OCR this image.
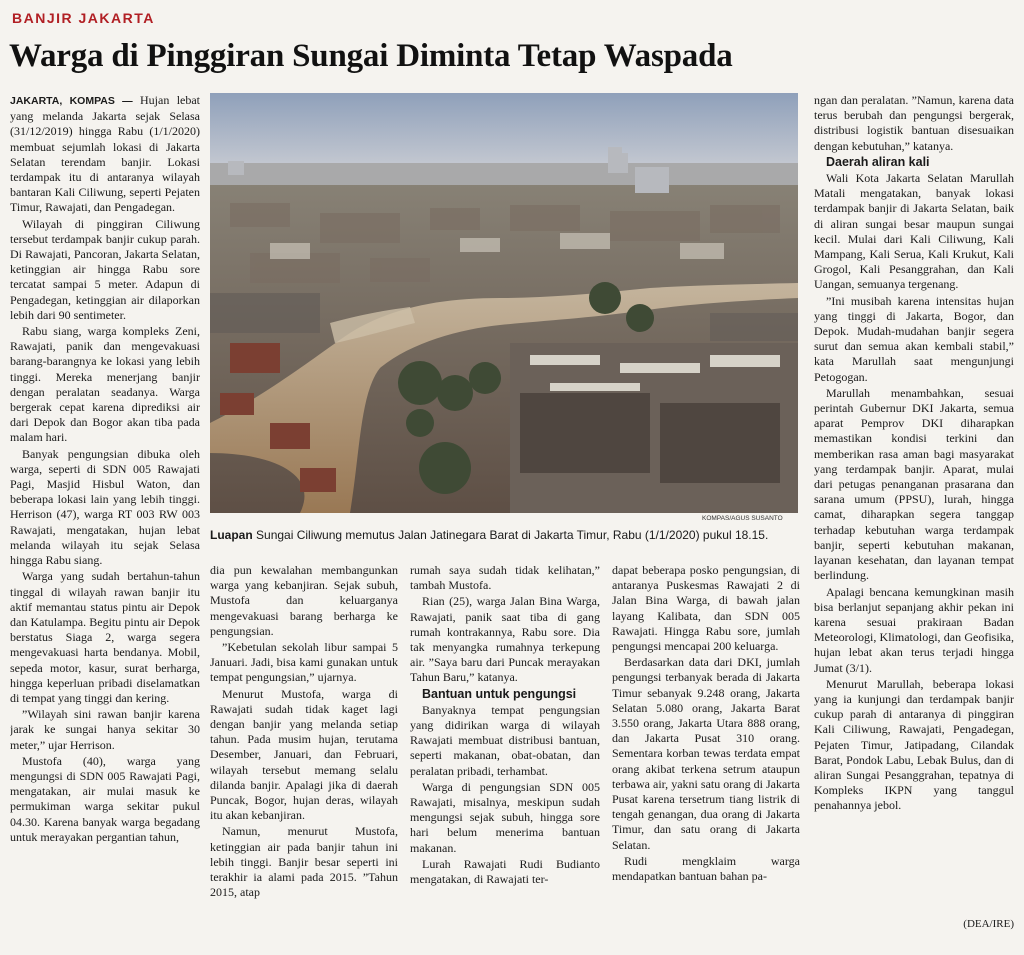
BANJIR JAKARTA
Warga di Pinggiran Sungai Diminta Tetap Waspada

JAKARTA, KOMPAS — Hujan lebat yang melanda Jakarta sejak Selasa (31/12/2019) hingga Rabu (1/1/2020) membuat sejumlah lokasi di Jakarta Selatan terendam banjir. Lokasi terdampak itu di antaranya wilayah bantaran Kali Ciliwung, seperti Pejaten Timur, Rawajati, dan Pengadegan.

Wilayah di pinggiran Ciliwung tersebut terdampak banjir cukup parah. Di Rawajati, Pancoran, Jakarta Selatan, ketinggian air hingga Rabu sore tercatat sampai 5 meter. Adapun di Pengadegan, ketinggian air dilaporkan lebih dari 90 sentimeter.

Rabu siang, warga kompleks Zeni, Rawajati, panik dan mengevakuasi barang-barangnya ke lokasi yang lebih tinggi. Mereka menerjang banjir dengan peralatan seadanya. Warga bergerak cepat karena diprediksi air dari Depok dan Bogor akan tiba pada malam hari.

Banyak pengungsian dibuka oleh warga, seperti di SDN 005 Rawajati Pagi, Masjid Hisbul Waton, dan beberapa lokasi lain yang lebih tinggi. Herrison (47), warga RT 003 RW 003 Rawajati, mengatakan, hujan lebat melanda wilayah itu sejak Selasa hingga Rabu siang.

Warga yang sudah bertahun-tahun tinggal di wilayah rawan banjir itu aktif memantau status pintu air Depok dan Katulampa. Begitu pintu air Depok berstatus Siaga 2, warga segera mengevakuasi harta bendanya. Mobil, sepeda motor, kasur, surat berharga, hingga keperluan pribadi diselamatkan di tempat yang tinggi dan kering.

”Wilayah sini rawan banjir karena jarak ke sungai hanya sekitar 30 meter,” ujar Herrison.

Mustofa (40), warga yang mengungsi di SDN 005 Rawajati Pagi, mengatakan, air mulai masuk ke permukiman warga sekitar pukul 04.30. Karena banyak warga begadang untuk merayakan pergantian tahun,

KOMPAS/AGUS SUSANTO
Luapan Sungai Ciliwung memutus Jalan Jatinegara Barat di Jakarta Timur, Rabu (1/1/2020) pukul 18.15.

dia pun kewalahan membangunkan warga yang kebanjiran. Sejak subuh, Mustofa dan keluarganya mengevakuasi barang berharga ke pengungsian.

”Kebetulan sekolah libur sampai 5 Januari. Jadi, bisa kami gunakan untuk tempat pengungsian,” ujarnya.

Menurut Mustofa, warga di Rawajati sudah tidak kaget lagi dengan banjir yang melanda setiap tahun. Pada musim hujan, terutama Desember, Januari, dan Februari, wilayah tersebut memang selalu dilanda banjir. Apalagi jika di daerah Puncak, Bogor, hujan deras, wilayah itu akan kebanjiran.

Namun, menurut Mustofa, ketinggian air pada banjir tahun ini lebih tinggi. Banjir besar seperti ini terakhir ia alami pada 2015. ”Tahun 2015, atap

rumah saya sudah tidak kelihatan,” tambah Mustofa.

Rian (25), warga Jalan Bina Warga, Rawajati, panik saat tiba di gang rumah kontrakannya, Rabu sore. Dia tak menyangka rumahnya terkepung air. ”Saya baru dari Puncak merayakan Tahun Baru,” katanya.

Bantuan untuk pengungsi

Banyaknya tempat pengungsian yang didirikan warga di wilayah Rawajati membuat distribusi bantuan, seperti makanan, obat-obatan, dan peralatan pribadi, terhambat.

Warga di pengungsian SDN 005 Rawajati, misalnya, meskipun sudah mengungsi sejak subuh, hingga sore hari belum menerima bantuan makanan.

Lurah Rawajati Rudi Budianto mengatakan, di Rawajati ter-

dapat beberapa posko pengungsian, di antaranya Puskesmas Rawajati 2 di Jalan Bina Warga, di bawah jalan layang Kalibata, dan SDN 005 Rawajati. Hingga Rabu sore, jumlah pengungsi mencapai 200 keluarga.

Berdasarkan data dari DKI, jumlah pengungsi terbanyak berada di Jakarta Timur sebanyak 9.248 orang, Jakarta Selatan 5.080 orang, Jakarta Barat 3.550 orang, Jakarta Utara 888 orang, dan Jakarta Pusat 310 orang. Sementara korban tewas terdata empat orang akibat terkena setrum ataupun terbawa air, yakni satu orang di Jakarta Pusat karena tersetrum tiang listrik di tengah genangan, dua orang di Jakarta Timur, dan satu orang di Jakarta Selatan.

Rudi mengklaim warga mendapatkan bantuan bahan pa-

ngan dan peralatan. ”Namun, karena data terus berubah dan pengungsi bergerak, distribusi logistik bantuan disesuaikan dengan kebutuhan,” katanya.

Daerah aliran kali

Wali Kota Jakarta Selatan Marullah Matali mengatakan, banyak lokasi terdampak banjir di Jakarta Selatan, baik di aliran sungai besar maupun sungai kecil. Mulai dari Kali Ciliwung, Kali Mampang, Kali Serua, Kali Krukut, Kali Grogol, Kali Pesanggrahan, dan Kali Uangan, semuanya tergenang.

”Ini musibah karena intensitas hujan yang tinggi di Jakarta, Bogor, dan Depok. Mudah-mudahan banjir segera surut dan semua akan kembali stabil,” kata Marullah saat mengunjungi Petogogan.

Marullah menambahkan, sesuai perintah Gubernur DKI Jakarta, semua aparat Pemprov DKI diharapkan memastikan kondisi terkini dan memberikan rasa aman bagi masyarakat yang terdampak banjir. Aparat, mulai dari petugas penanganan prasarana dan sarana umum (PPSU), lurah, hingga camat, diharapkan segera tanggap terhadap kebutuhan warga terdampak banjir, seperti kebutuhan makanan, layanan kesehatan, dan layanan tempat berlindung.

Apalagi bencana kemungkinan masih bisa berlanjut sepanjang akhir pekan ini karena sesuai prakiraan Badan Meteorologi, Klimatologi, dan Geofisika, hujan lebat akan terus terjadi hingga Jumat (3/1).

Menurut Marullah, beberapa lokasi yang ia kunjungi dan terdampak banjir cukup parah di antaranya di pinggiran Kali Ciliwung, Rawajati, Pengadegan, Pejaten Timur, Jatipadang, Cilandak Barat, Pondok Labu, Lebak Bulus, dan di aliran Sungai Pesanggrahan, tepatnya di Kompleks IKPN yang tanggul penahannya jebol.

(DEA/IRE)
